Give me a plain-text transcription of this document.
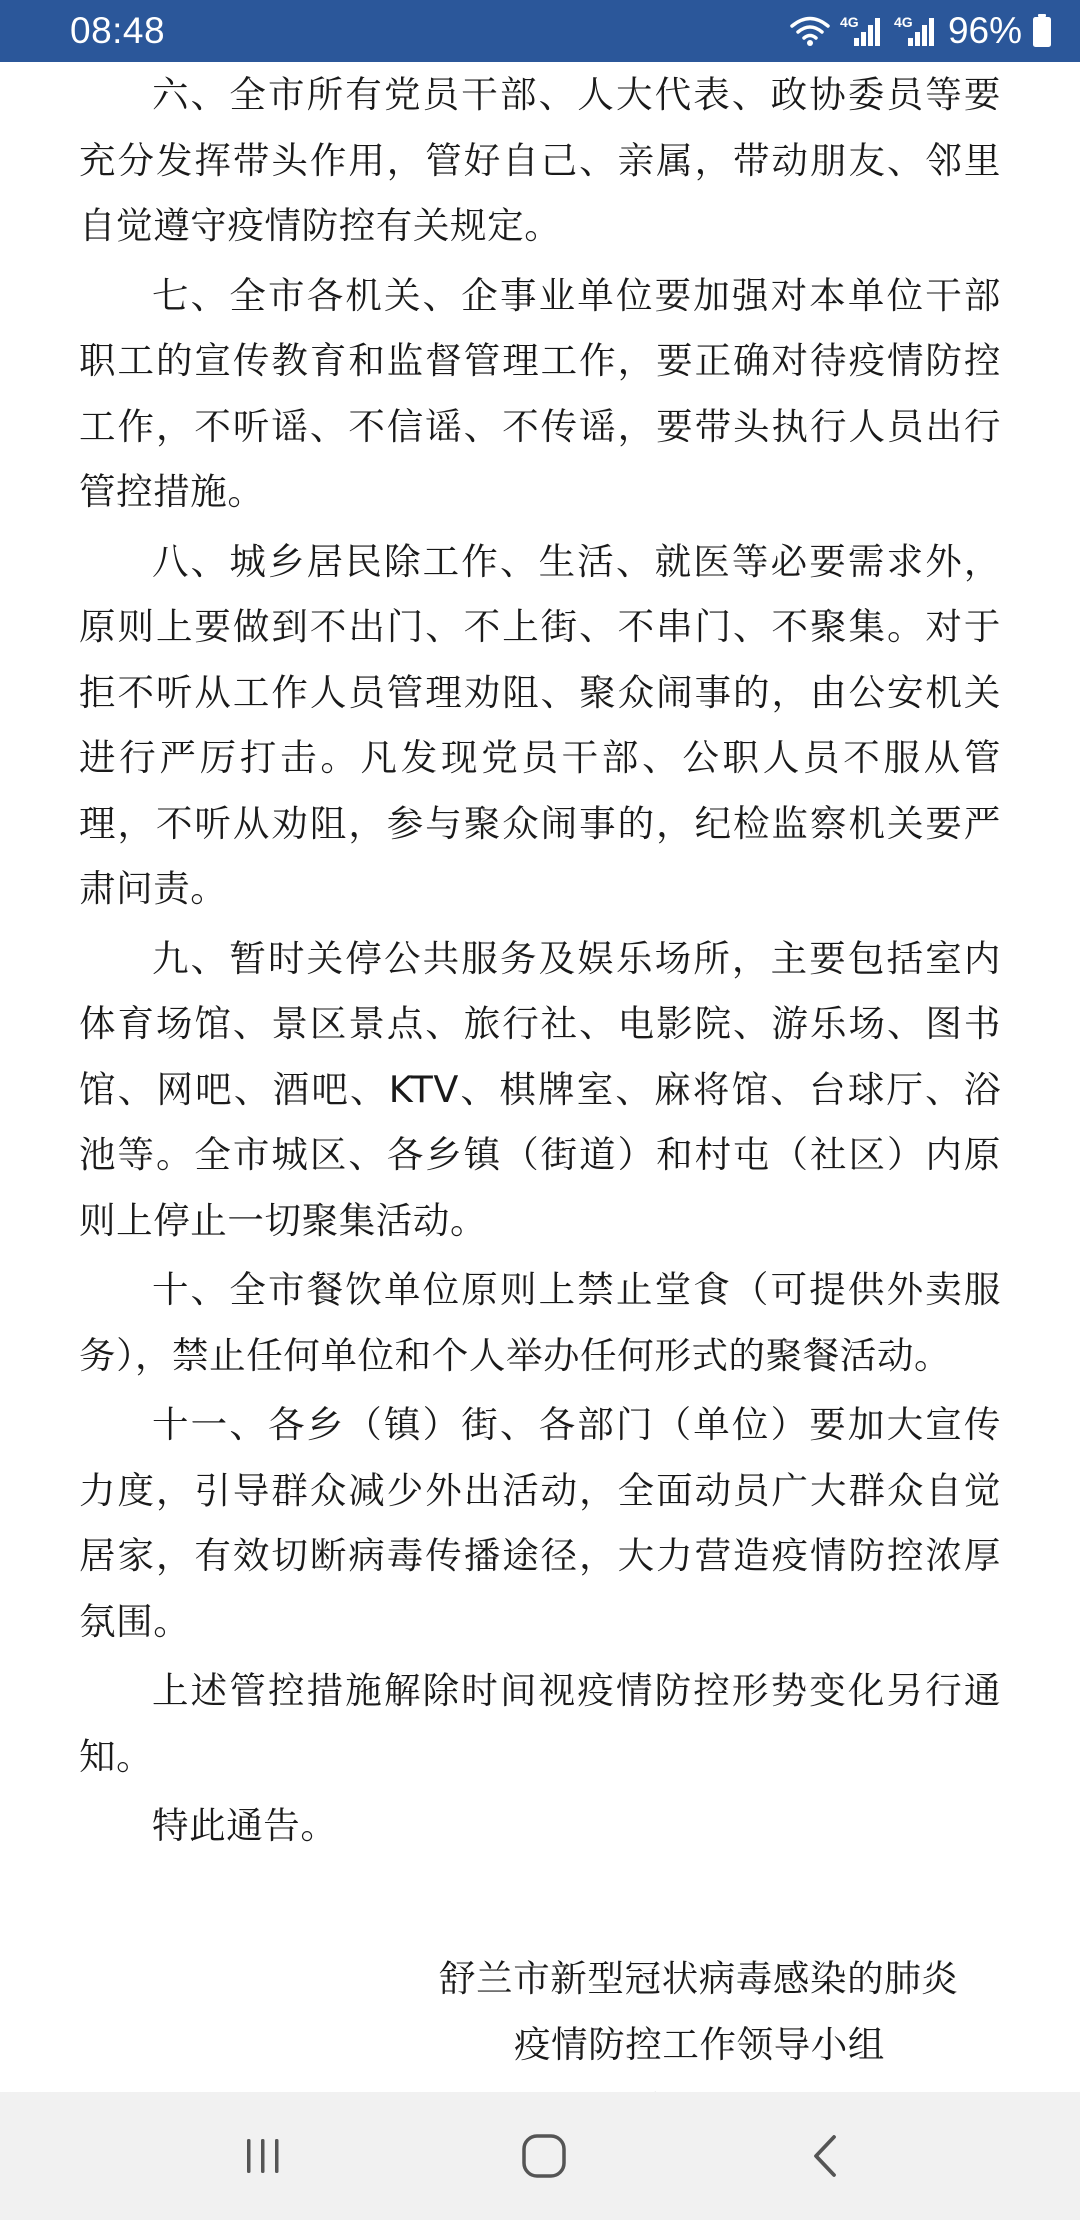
08:48	4G	4G 96%

六、全市所有党员干部、人大代表、政协委员等要充分发挥带头作用，管好自己、亲属，带动朋友、邻里自觉遵守疫情防控有关规定。

七、全市各机关、企事业单位要加强对本单位干部职工的宣传教育和监督管理工作，要正确对待疫情防控工作，不听谣、不信谣、不传谣，要带头执行人员出行管控措施。

八、城乡居民除工作、生活、就医等必要需求外，原则上要做到不出门、不上街、不串门、不聚集。对于拒不听从工作人员管理劝阻、聚众闹事的，由公安机关进行严厉打击。凡发现党员干部、公职人员不服从管理，不听从劝阻，参与聚众闹事的，纪检监察机关要严肃问责。

九、暂时关停公共服务及娱乐场所，主要包括室内体育场馆、景区景点、旅行社、电影院、游乐场、图书馆、网吧、酒吧、KTV、棋牌室、麻将馆、台球厅、浴池等。全市城区、各乡镇（街道）和村屯（社区）内原则上停止一切聚集活动。

十、全市餐饮单位原则上禁止堂食（可提供外卖服务），禁止任何单位和个人举办任何形式的聚餐活动。

十一、各乡（镇）街、各部门（单位）要加大宣传力度，引导群众减少外出活动，全面动员广大群众自觉居家，有效切断病毒传播途径，大力营造疫情防控浓厚氛围。

上述管控措施解除时间视疫情防控形势变化另行通知。

特此通告。

舒兰市新型冠状病毒感染的肺炎
疫情防控工作领导小组
